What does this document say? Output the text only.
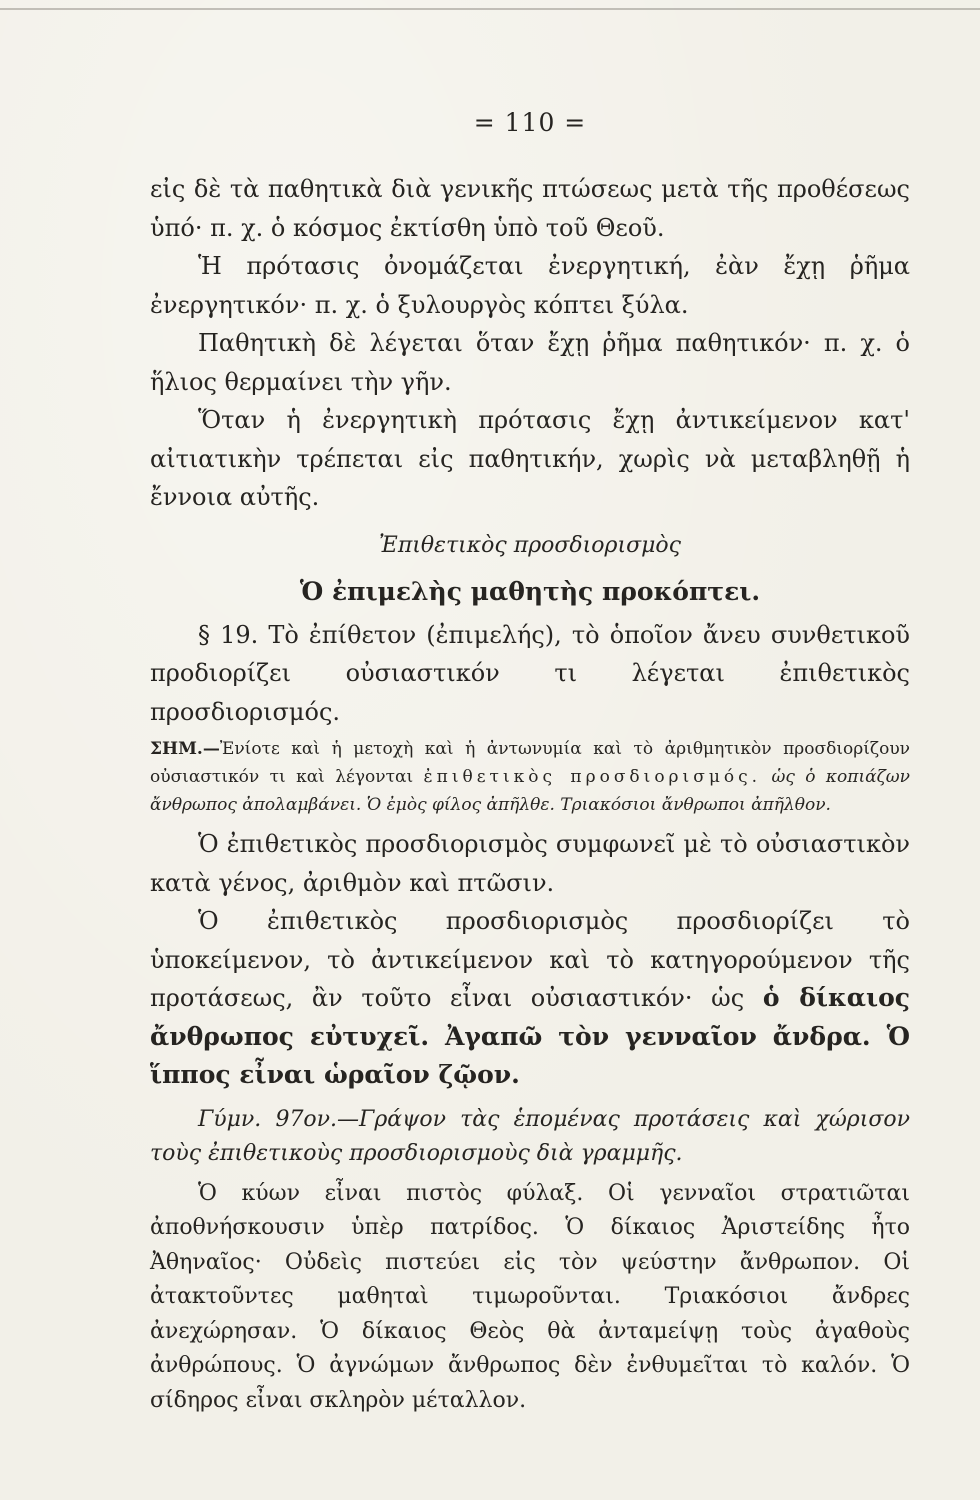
= 110 =

εἰς δὲ τὰ παθητικὰ διὰ γενικῆς πτώσεως μετὰ τῆς προθέσεως ὑπό· π. χ. ὁ κόσμος ἐκτίσθη ὑπὸ τοῦ Θεοῦ.

Ἡ πρότασις ὀνομάζεται ἐνεργητική, ἐὰν ἔχῃ ῥῆμα ἐνεργητικόν· π. χ. ὁ ξυλουργὸς κόπτει ξύλα.

Παθητικὴ δὲ λέγεται ὅταν ἔχῃ ῥῆμα παθητικόν· π. χ. ὁ ἥλιος θερμαίνει τὴν γῆν.

Ὅταν ἡ ἐνεργητικὴ πρότασις ἔχῃ ἀντικείμενον κατ' αἰτιατικὴν τρέπεται εἰς παθητικήν, χωρὶς νὰ μεταβληθῇ ἡ ἔννοια αὐτῆς.

Ἐπιθετικὸς προσδιορισμὸς

Ὁ ἐπιμελὴς μαθητὴς προκόπτει.

§ 19. Τὸ ἐπίθετον (ἐπιμελής), τὸ ὁποῖον ἄνευ συνθετικοῦ προδιορίζει οὐσιαστικόν τι λέγεται ἐπιθετικὸς προσδιορισμός.

ΣΗΜ.—Ἐνίοτε καὶ ἡ μετοχὴ καὶ ἡ ἀντωνυμία καὶ τὸ ἀριθμητικὸν προσδιορίζουν οὐσιαστικόν τι καὶ λέγονται ἐπιθετικὸς προσδιορισμός. ὡς ὁ κοπιάζων ἄνθρωπος ἀπολαμβάνει. Ὁ ἐμὸς φίλος ἀπῆλθε. Τριακόσιοι ἄνθρωποι ἀπῆλθον.

Ὁ ἐπιθετικὸς προσδιορισμὸς συμφωνεῖ μὲ τὸ οὐσιαστικὸν κατὰ γένος, ἀριθμὸν καὶ πτῶσιν.

Ὁ ἐπιθετικὸς προσδιορισμὸς προσδιορίζει τὸ ὑποκείμενον, τὸ ἀντικείμενον καὶ τὸ κατηγορούμενον τῆς προτάσεως, ἂν τοῦτο εἶναι οὐσιαστικόν· ὡς ὁ δίκαιος ἄνθρωπος εὐτυχεῖ. Ἀγαπῶ τὸν γενναῖον ἄνδρα. Ὁ ἵππος εἶναι ὡραῖον ζῷον.

Γύμν. 97ον.—Γράψον τὰς ἑπομένας προτάσεις καὶ χώρισον τοὺς ἐπιθετικοὺς προσδιορισμοὺς διὰ γραμμῆς.

Ὁ κύων εἶναι πιστὸς φύλαξ. Οἱ γενναῖοι στρατιῶται ἀποθνήσκουσιν ὑπὲρ πατρίδος. Ὁ δίκαιος Ἀριστείδης ἦτο Ἀθηναῖος· Οὐδεὶς πιστεύει εἰς τὸν ψεύστην ἄνθρωπον. Οἱ ἀτακτοῦντες μαθηταὶ τιμωροῦνται. Τριακόσιοι ἄνδρες ἀνεχώρησαν. Ὁ δίκαιος Θεὸς θὰ ἀνταμείψῃ τοὺς ἀγαθοὺς ἀνθρώπους. Ὁ ἀγνώμων ἄνθρωπος δὲν ἐνθυμεῖται τὸ καλόν. Ὁ σίδηρος εἶναι σκληρὸν μέταλλον.
